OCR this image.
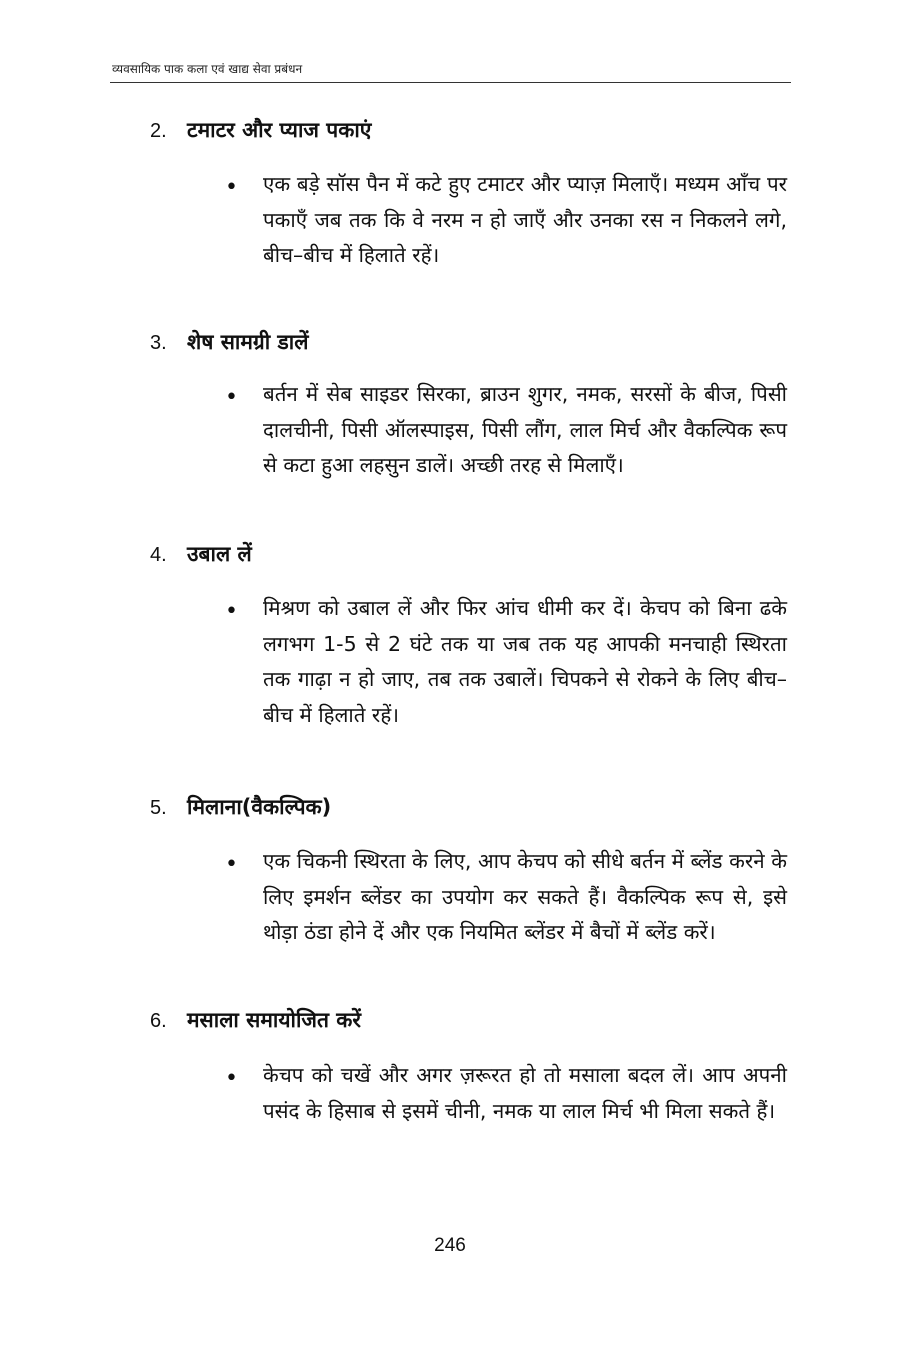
व्यवसायिक पाक कला एवं खाद्य सेवा प्रबंधन
2. टमाटर और प्याज पकाएं
• एक बड़े सॉस पैन में कटे हुए टमाटर और प्याज़ मिलाएँ। मध्यम आँच पर पकाएँ जब तक कि वे नरम न हो जाएँ और उनका रस न निकलने लगे, बीच–बीच में हिलाते रहें।
3. शेष सामग्री डालें
• बर्तन में सेब साइडर सिरका, ब्राउन शुगर, नमक, सरसों के बीज, पिसी दालचीनी, पिसी ऑलस्पाइस, पिसी लौंग, लाल मिर्च और वैकल्पिक रूप से कटा हुआ लहसुन डालें। अच्छी तरह से मिलाएँ।
4. उबाल लें
• मिश्रण को उबाल लें और फिर आंच धीमी कर दें। केचप को बिना ढके लगभग 1-5 से 2 घंटे तक या जब तक यह आपकी मनचाही स्थिरता तक गाढ़ा न हो जाए, तब तक उबालें। चिपकने से रोकने के लिए बीच–बीच में हिलाते रहें।
5. मिलाना(वैकल्पिक)
• एक चिकनी स्थिरता के लिए, आप केचप को सीधे बर्तन में ब्लेंड करने के लिए इमर्शन ब्लेंडर का उपयोग कर सकते हैं। वैकल्पिक रूप से, इसे थोड़ा ठंडा होने दें और एक नियमित ब्लेंडर में बैचों में ब्लेंड करें।
6. मसाला समायोजित करें
• केचप को चखें और अगर ज़रूरत हो तो मसाला बदल लें। आप अपनी पसंद के हिसाब से इसमें चीनी, नमक या लाल मिर्च भी मिला सकते हैं।
246
